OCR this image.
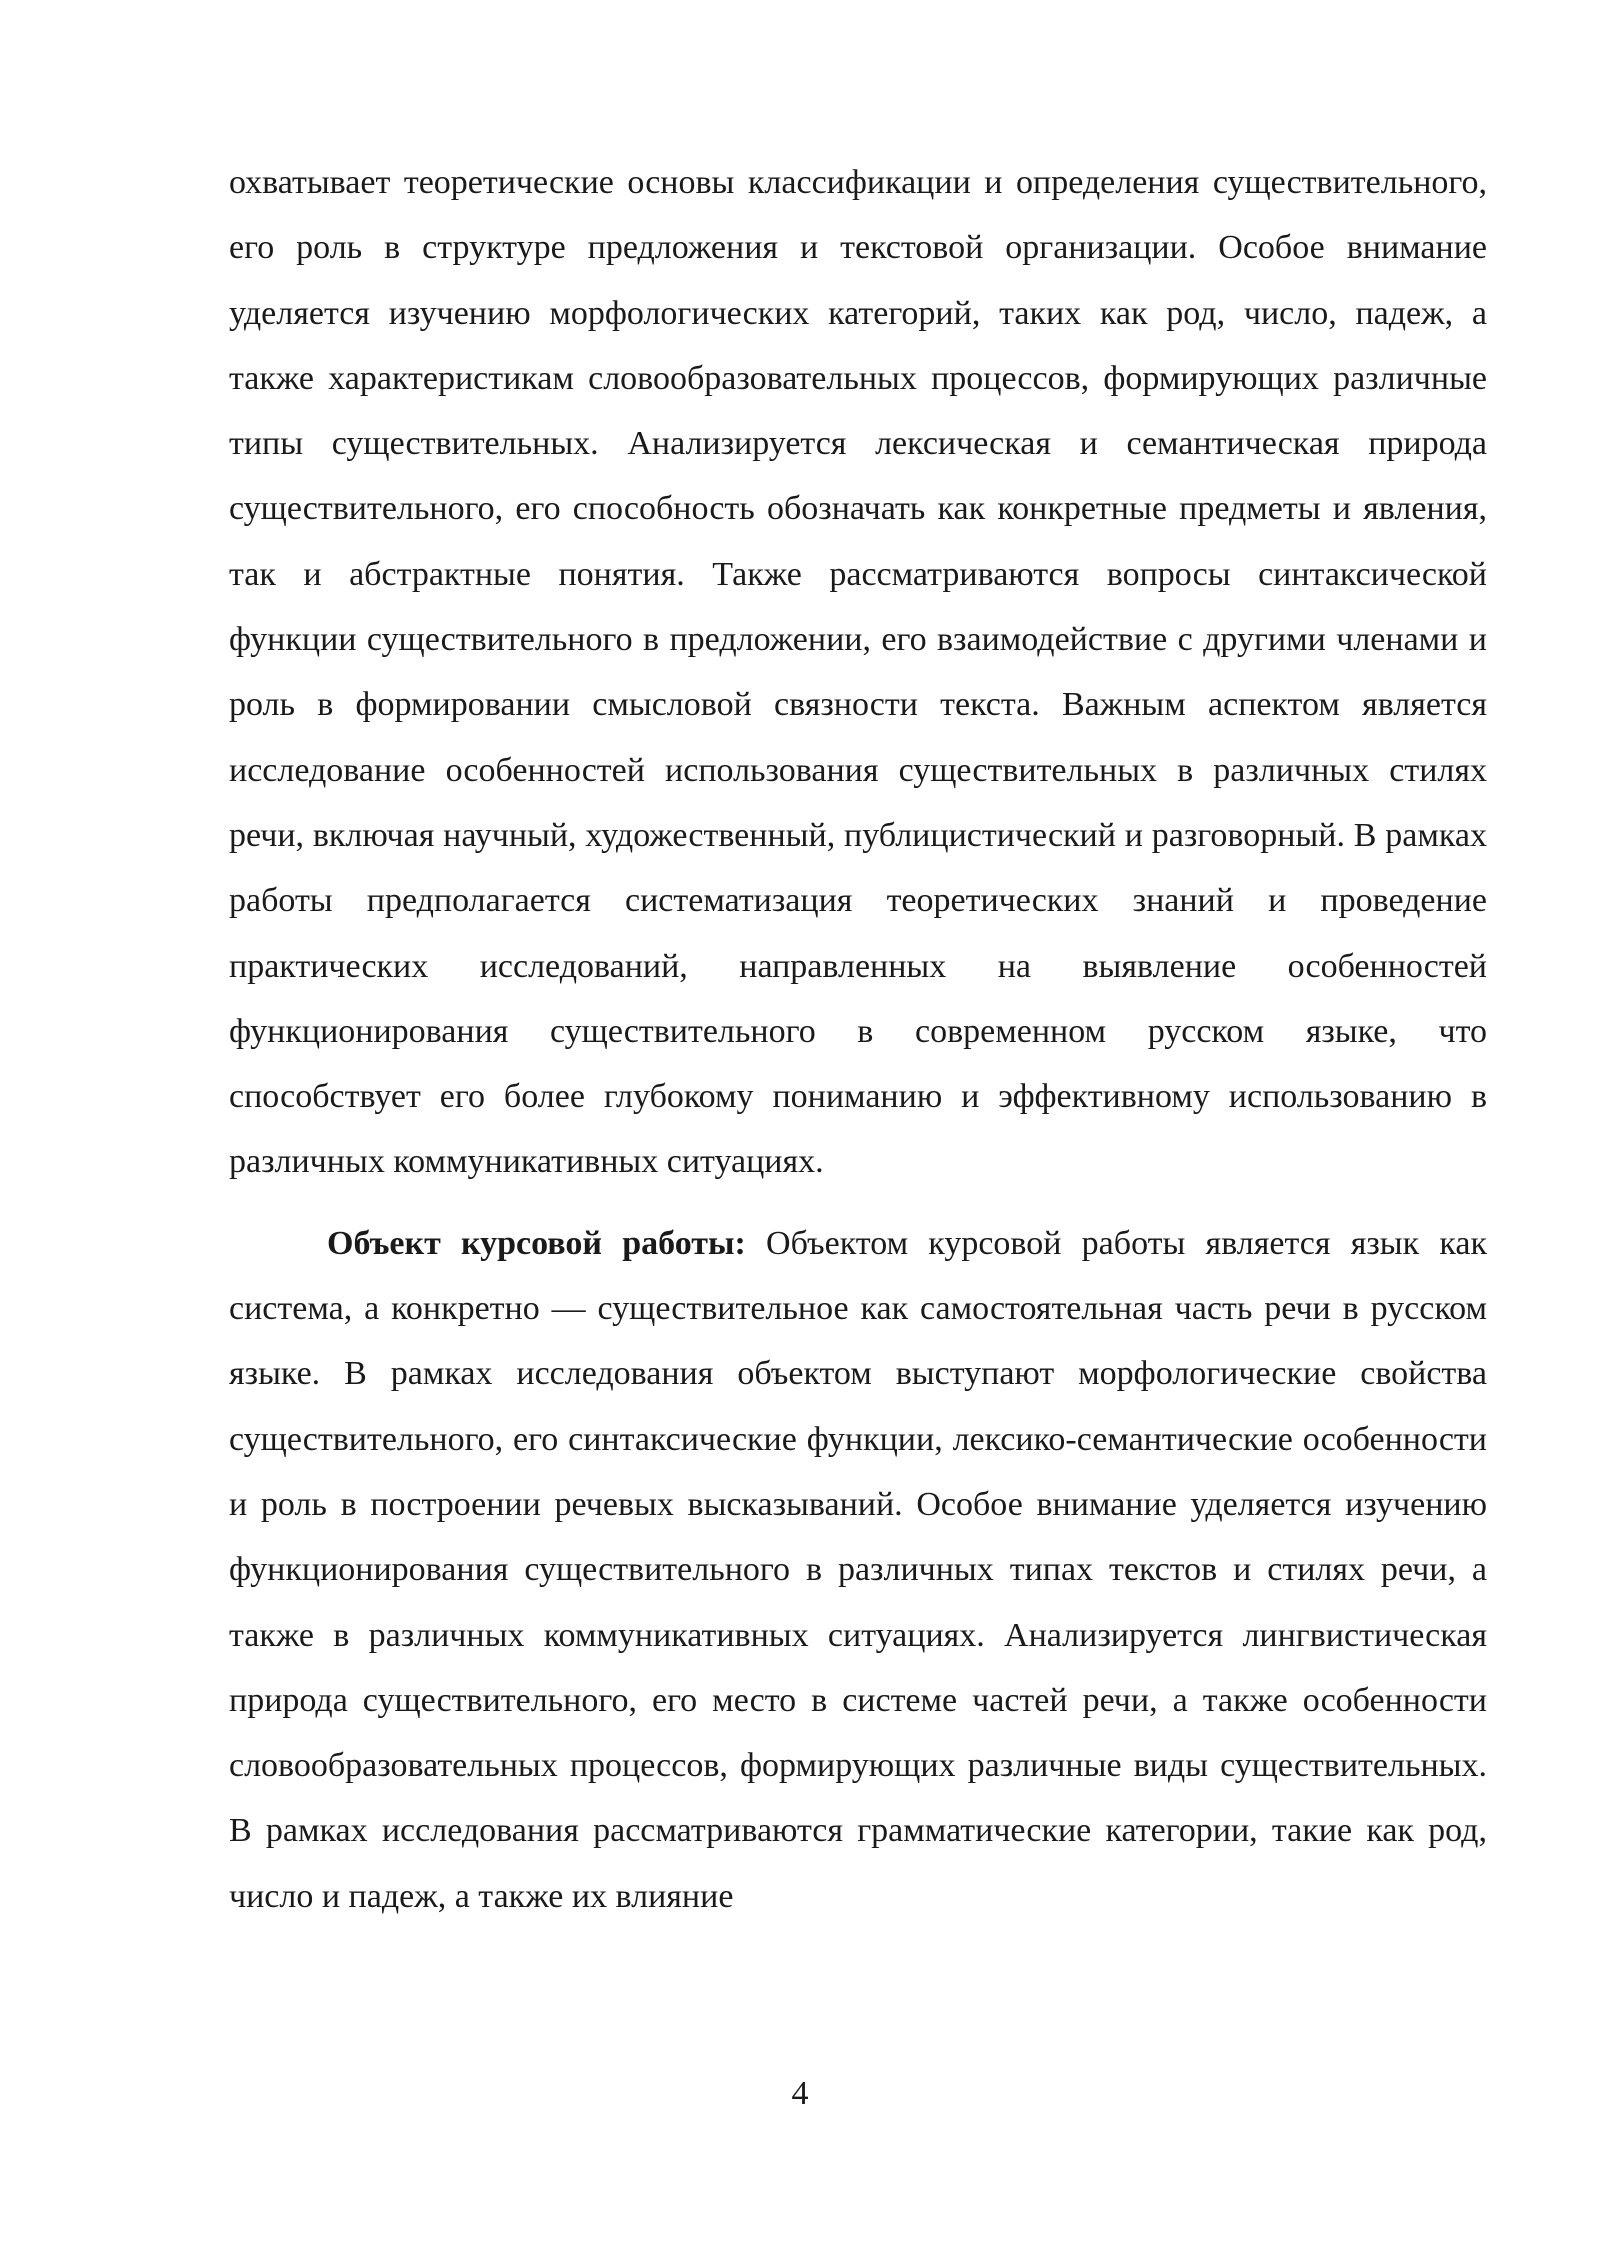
охватывает теоретические основы классификации и определения существительного, его роль в структуре предложения и текстовой организации. Особое внимание уделяется изучению морфологических категорий, таких как род, число, падеж, а также характеристикам словообразовательных процессов, формирующих различные типы существительных. Анализируется лексическая и семантическая природа существительного, его способность обозначать как конкретные предметы и явления, так и абстрактные понятия. Также рассматриваются вопросы синтаксической функции существительного в предложении, его взаимодействие с другими членами и роль в формировании смысловой связности текста. Важным аспектом является исследование особенностей использования существительных в различных стилях речи, включая научный, художественный, публицистический и разговорный. В рамках работы предполагается систематизация теоретических знаний и проведение практических исследований, направленных на выявление особенностей функционирования существительного в современном русском языке, что способствует его более глубокому пониманию и эффективному использованию в различных коммуникативных ситуациях.

Объект курсовой работы: Объектом курсовой работы является язык как система, а конкретно — существительное как самостоятельная часть речи в русском языке. В рамках исследования объектом выступают морфологические свойства существительного, его синтаксические функции, лексико-семантические особенности и роль в построении речевых высказываний. Особое внимание уделяется изучению функционирования существительного в различных типах текстов и стилях речи, а также в различных коммуникативных ситуациях. Анализируется лингвистическая природа существительного, его место в системе частей речи, а также особенности словообразовательных процессов, формирующих различные виды существительных. В рамках исследования рассматриваются грамматические категории, такие как род, число и падеж, а также их влияние

4
